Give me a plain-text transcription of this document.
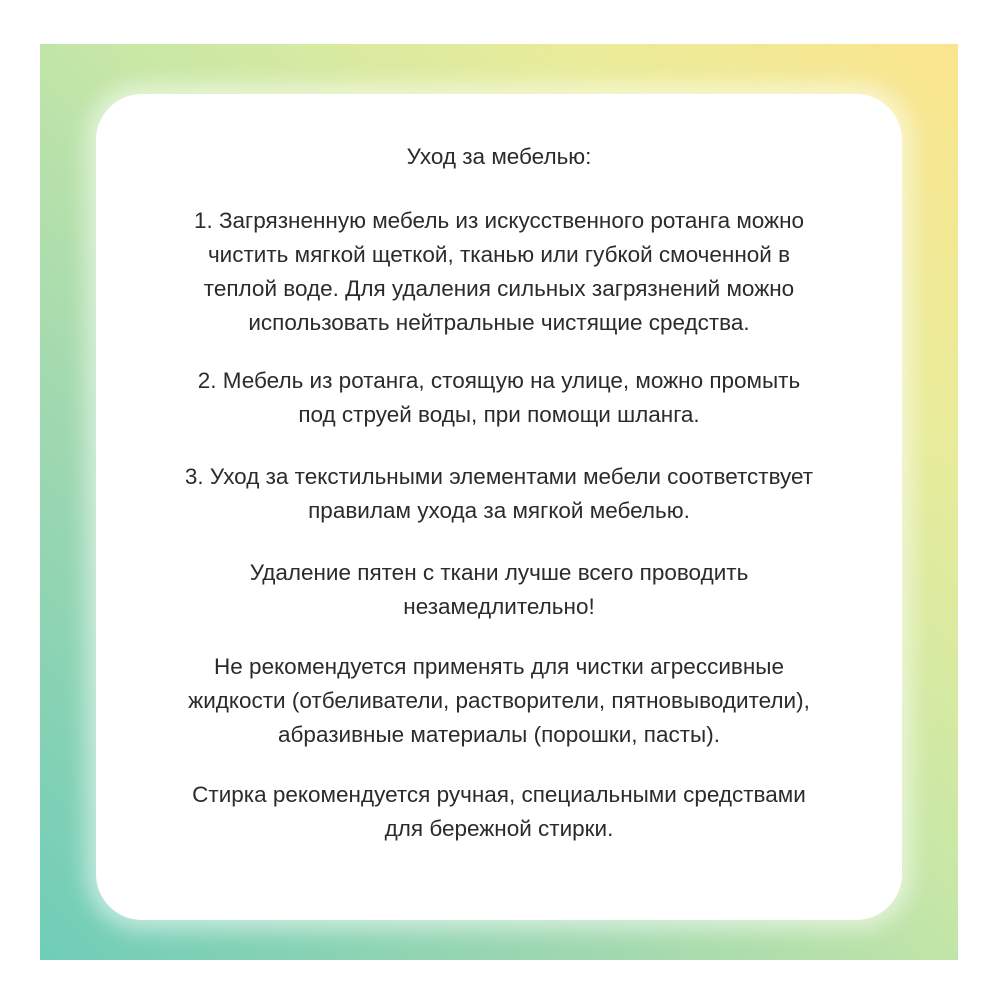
Уход за мебелью:

1. Загрязненную мебель из искусственного ротанга можно
чистить мягкой щеткой, тканью или губкой смоченной в
теплой воде. Для удаления сильных загрязнений можно
использовать нейтральные чистящие средства.

2. Мебель из ротанга, стоящую на улице, можно промыть
под струей воды, при помощи шланга.

3. Уход за текстильными элементами мебели соответствует
правилам ухода за мягкой мебелью.

Удаление пятен с ткани лучше всего проводить
незамедлительно!

Не рекомендуется применять для чистки агрессивные
жидкости (отбеливатели, растворители, пятновыводители),
абразивные материалы (порошки, пасты).

Стирка рекомендуется ручная, специальными средствами
для бережной стирки.
